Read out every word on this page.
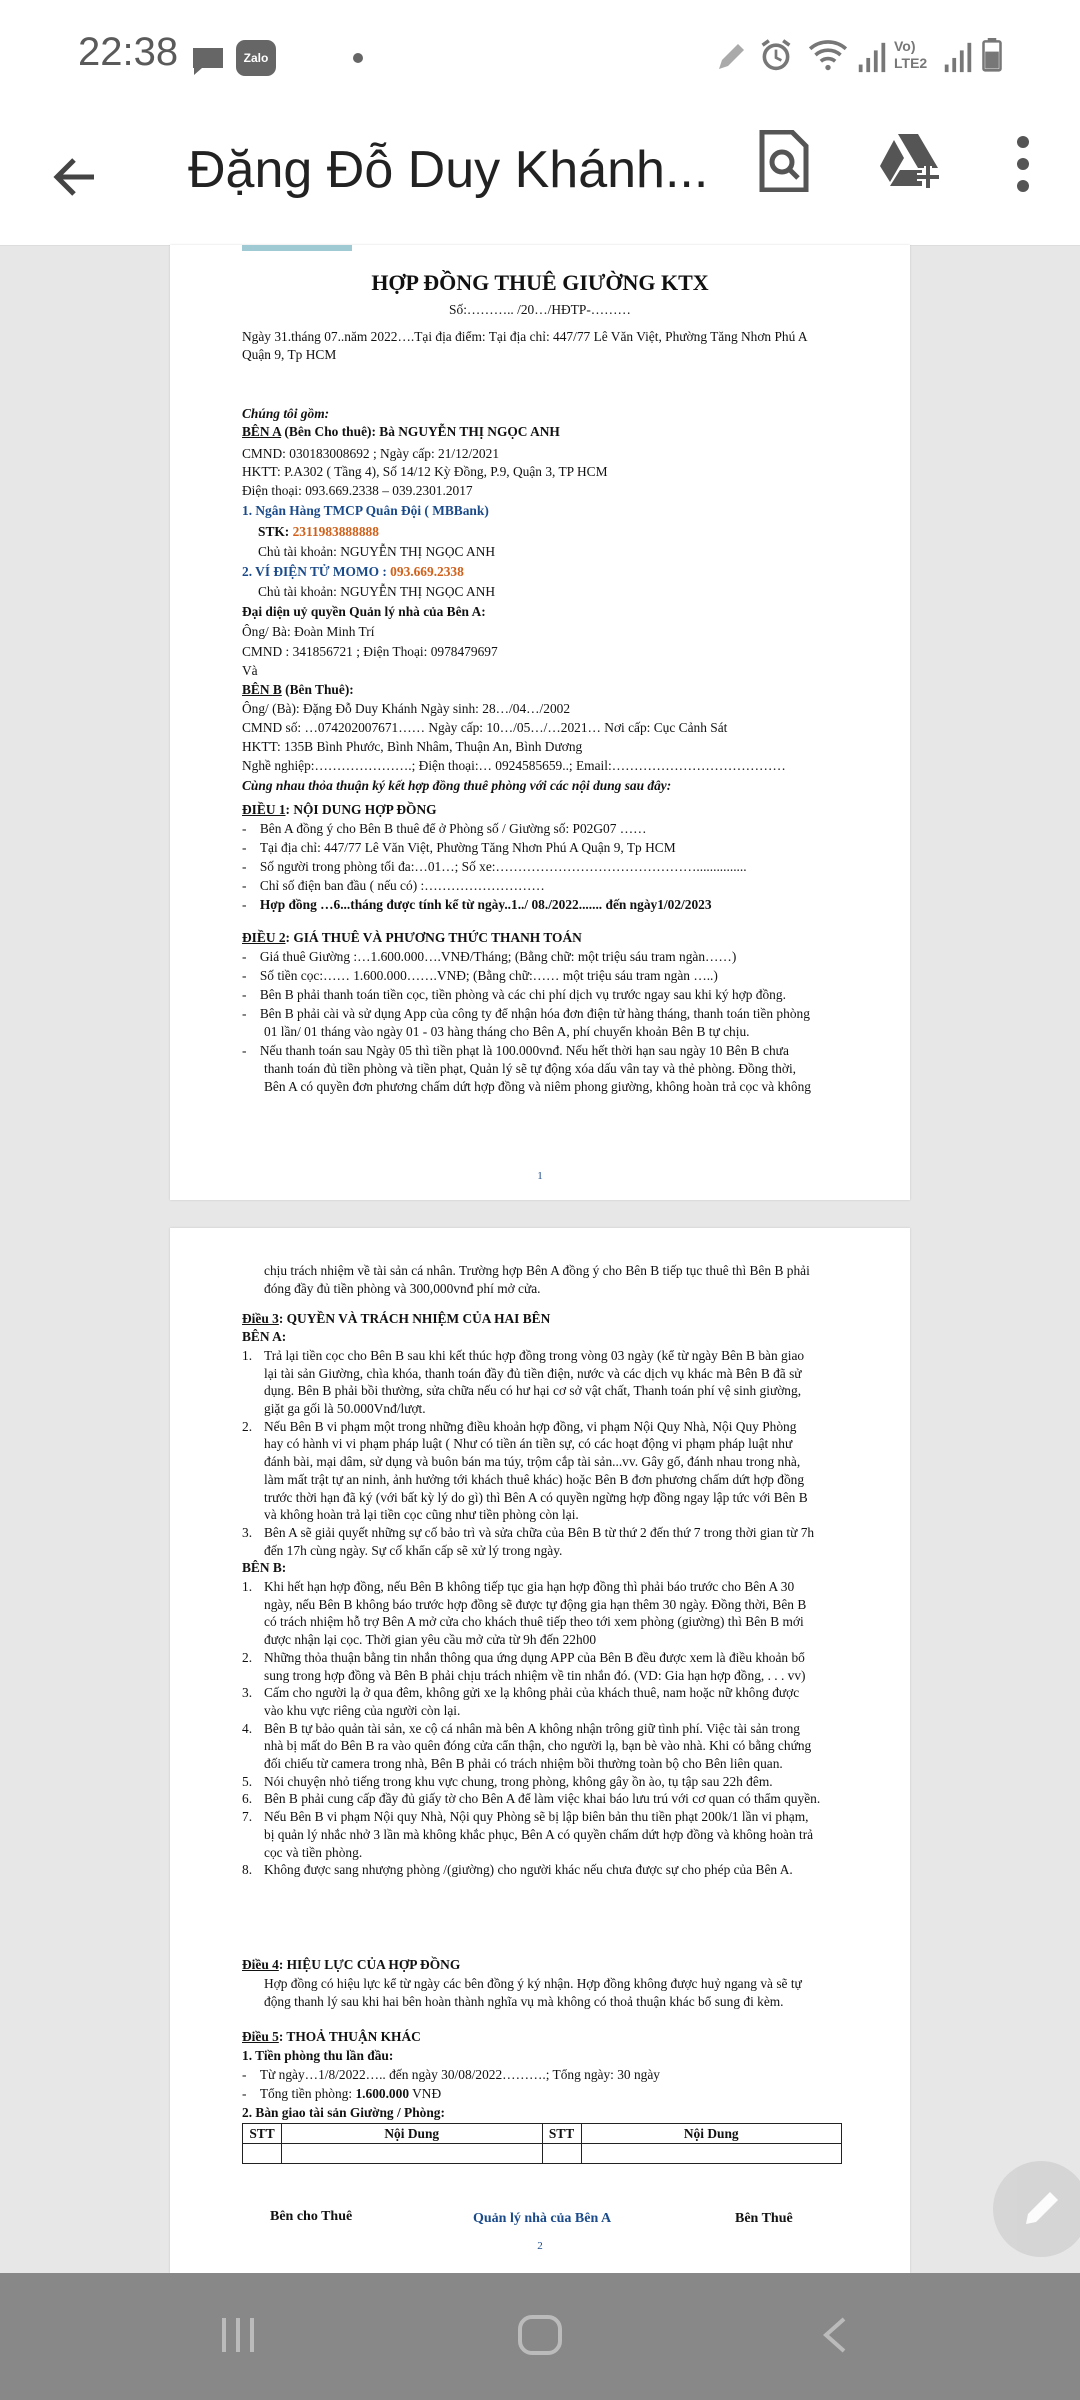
22:38	Zalo
Vo) LTE2
Đặng Đỗ Duy Khánh...
HỢP ĐỒNG THUÊ GIƯỜNG KTX
Số:……….. /20…/HĐTP-………
Ngày 31.tháng 07..năm 2022….Tại địa điểm: Tại địa chỉ: 447/77 Lê Văn Việt, Phường Tăng Nhơn Phú A
Quận 9, Tp HCM
Chúng tôi gồm:
BÊN A (Bên Cho thuê): Bà NGUYỄN THỊ NGỌC ANH
CMND: 030183008692 ; Ngày cấp: 21/12/2021
HKTT: P.A302 ( Tầng 4), Số 14/12 Kỳ Đồng, P.9, Quận 3, TP HCM
Điện thoại: 093.669.2338 – 039.2301.2017
1. Ngân Hàng TMCP Quân Đội ( MBBank)
STK: 2311983888888
Chủ tài khoản: NGUYỄN THỊ NGỌC ANH
2. VÍ ĐIỆN TỬ MOMO : 093.669.2338
Chủ tài khoản: NGUYỄN THỊ NGỌC ANH
Đại diện uỷ quyền Quản lý nhà của Bên A:
Ông/ Bà: Đoàn Minh Trí
CMND : 341856721 ; Điện Thoại: 0978479697
Và
BÊN B (Bên Thuê):
Ông/ (Bà): Đặng Đỗ Duy Khánh Ngày sinh: 28…/04…/2002
CMND số: …074202007671…… Ngày cấp: 10…/05…/…2021… Nơi cấp: Cục Cảnh Sát
HKTT: 135B Bình Phước, Bình Nhâm, Thuận An, Bình Dương
Nghề nghiệp:………………….; Điện thoại:… 0924585659..; Email:…………………………………
Cùng nhau thỏa thuận ký kết hợp đồng thuê phòng với các nội dung sau đây:
ĐIỀU 1: NỘI DUNG HỢP ĐỒNG
-    Bên A đồng ý cho Bên B thuê để ở Phòng số / Giường số: P02G07 ……
-    Tại địa chỉ: 447/77 Lê Văn Việt, Phường Tăng Nhơn Phú A Quận 9, Tp HCM
-    Số người trong phòng tối đa:…01…; Số xe:………………………………………...............
-    Chỉ số điện ban đầu ( nếu có) :………………………
-    Hợp đồng …6...tháng được tính kể từ ngày..1../ 08./2022....... đến ngày1/02/2023
ĐIỀU 2: GIÁ THUÊ VÀ PHƯƠNG THỨC THANH TOÁN
-    Giá thuê Giường :…1.600.000….VNĐ/Tháng; (Bằng chữ: một triệu sáu tram ngàn……)
-    Số tiền cọc:…… 1.600.000…….VNĐ; (Bằng chữ:…… một triệu sáu tram ngàn …..)
-    Bên B phải thanh toán tiền cọc, tiền phòng và các chi phí dịch vụ trước ngay sau khi ký hợp đồng.
-    Bên B phải cài và sử dụng App của công ty để nhận hóa đơn điện tử hàng tháng, thanh toán tiền phòng
01 lần/ 01 tháng vào ngày 01 - 03 hàng tháng cho Bên A, phí chuyển khoản Bên B tự chịu.
-    Nếu thanh toán sau Ngày 05 thì tiền phạt là 100.000vnđ. Nếu hết thời hạn sau ngày 10 Bên B chưa
thanh toán đủ tiền phòng và tiền phạt, Quản lý sẽ tự động xóa dấu vân tay và thẻ phòng. Đồng thời,
Bên A có quyền đơn phương chấm dứt hợp đồng và niêm phong giường, không hoàn trả cọc và không
1
chịu trách nhiệm về tài sản cá nhân. Trường hợp Bên A đồng ý cho Bên B tiếp tục thuê thì Bên B phải
đóng đầy đủ tiền phòng và 300,000vnđ phí mở cửa.
Điều 3: QUYỀN VÀ TRÁCH NHIỆM CỦA HAI BÊN
BÊN A:
1. Trả lại tiền cọc cho Bên B sau khi kết thúc hợp đồng trong vòng 03 ngày (kể từ ngày Bên B bàn giao
lại tài sản Giường, chìa khóa, thanh toán đầy đủ tiền điện, nước và các dịch vụ khác mà Bên B đã sử
dụng. Bên B phải bồi thường, sửa chữa nếu có hư hại cơ sở vật chất, Thanh toán phí vệ sinh giường,
giặt ga gối là 50.000Vnđ/lượt.
2. Nếu Bên B vi phạm một trong những điều khoản hợp đồng, vi phạm Nội Quy Nhà, Nội Quy Phòng
hay có hành vi vi phạm pháp luật ( Như có tiền án tiền sự, có các hoạt động vi phạm pháp luật như
đánh bài, mại dâm, sử dụng và buôn bán ma túy, trộm cắp tài sản...vv. Gây gổ, đánh nhau trong nhà,
làm mất trật tự an ninh, ảnh hưởng tới khách thuê khác) hoặc Bên B đơn phương chấm dứt hợp đồng
trước thời hạn đã ký (với bất kỳ lý do gì) thì Bên A có quyền ngừng hợp đồng ngay lập tức với Bên B
và không hoàn trả lại tiền cọc cũng như tiền phòng còn lại.
3. Bên A sẽ giải quyết những sự cố bảo trì và sửa chữa của Bên B từ thứ 2 đến thứ 7 trong thời gian từ 7h
đến 17h cùng ngày. Sự cố khẩn cấp sẽ xử lý trong ngày.
BÊN B:
1. Khi hết hạn hợp đồng, nếu Bên B không tiếp tục gia hạn hợp đồng thì phải báo trước cho Bên A 30
ngày, nếu Bên B không báo trước hợp đồng sẽ được tự động gia hạn thêm 30 ngày. Đồng thời, Bên B
có trách nhiệm hỗ trợ Bên A mở cửa cho khách thuê tiếp theo tới xem phòng (giường) thì Bên B mới
được nhận lại cọc. Thời gian yêu cầu mở cửa từ 9h đến 22h00
2. Những thỏa thuận bằng tin nhắn thông qua ứng dụng APP của Bên B đều được xem là điều khoản bổ
sung trong hợp đồng và Bên B phải chịu trách nhiệm về tin nhắn đó. (VD: Gia hạn hợp đồng, . . . vv)
3. Cấm cho người lạ ở qua đêm, không gửi xe lạ không phải của khách thuê, nam hoặc nữ không được
vào khu vực riêng của người còn lại.
4. Bên B tự bảo quản tài sản, xe cộ cá nhân mà bên A không nhận trông giữ tình phí. Việc tài sản trong
nhà bị mất do Bên B ra vào quên đóng cửa cẩn thận, cho người lạ, bạn bè vào nhà. Khi có bằng chứng
đối chiếu từ camera trong nhà, Bên B phải có trách nhiệm bồi thường toàn bộ cho Bên liên quan.
5. Nói chuyện nhỏ tiếng trong khu vực chung, trong phòng, không gây ồn ào, tụ tập sau 22h đêm.
6. Bên B phải cung cấp đầy đủ giấy tờ cho Bên A để làm việc khai báo lưu trú với cơ quan có thẩm quyền.
7. Nếu Bên B vi phạm Nội quy Nhà, Nội quy Phòng sẽ bị lập biên bản thu tiền phạt 200k/1 lần vi phạm,
bị quản lý nhắc nhở 3 lần mà không khắc phục, Bên A có quyền chấm dứt hợp đồng và không hoàn trả
cọc và tiền phòng.
8. Không được sang nhượng phòng /(giường) cho người khác nếu chưa được sự cho phép của Bên A.
Điều 4: HIỆU LỰC CỦA HỢP ĐỒNG
Hợp đồng có hiệu lực kể từ ngày các bên đồng ý ký nhận. Hợp đồng không được huỷ ngang và sẽ tự
động thanh lý sau khi hai bên hoàn thành nghĩa vụ mà không có thoả thuận khác bổ sung đi kèm.
Điều 5: THOẢ THUẬN KHÁC
1. Tiền phòng thu lần đầu:
-    Từ ngày…1/8/2022….. đến ngày 30/08/2022……….; Tổng ngày: 30 ngày
-    Tổng tiền phòng: 1.600.000 VNĐ
2. Bàn giao tài sản Giường / Phòng:
STT	Nội Dung	STT	Nội Dung

Bên cho Thuê	Quản lý nhà của Bên A	Bên Thuê
2
